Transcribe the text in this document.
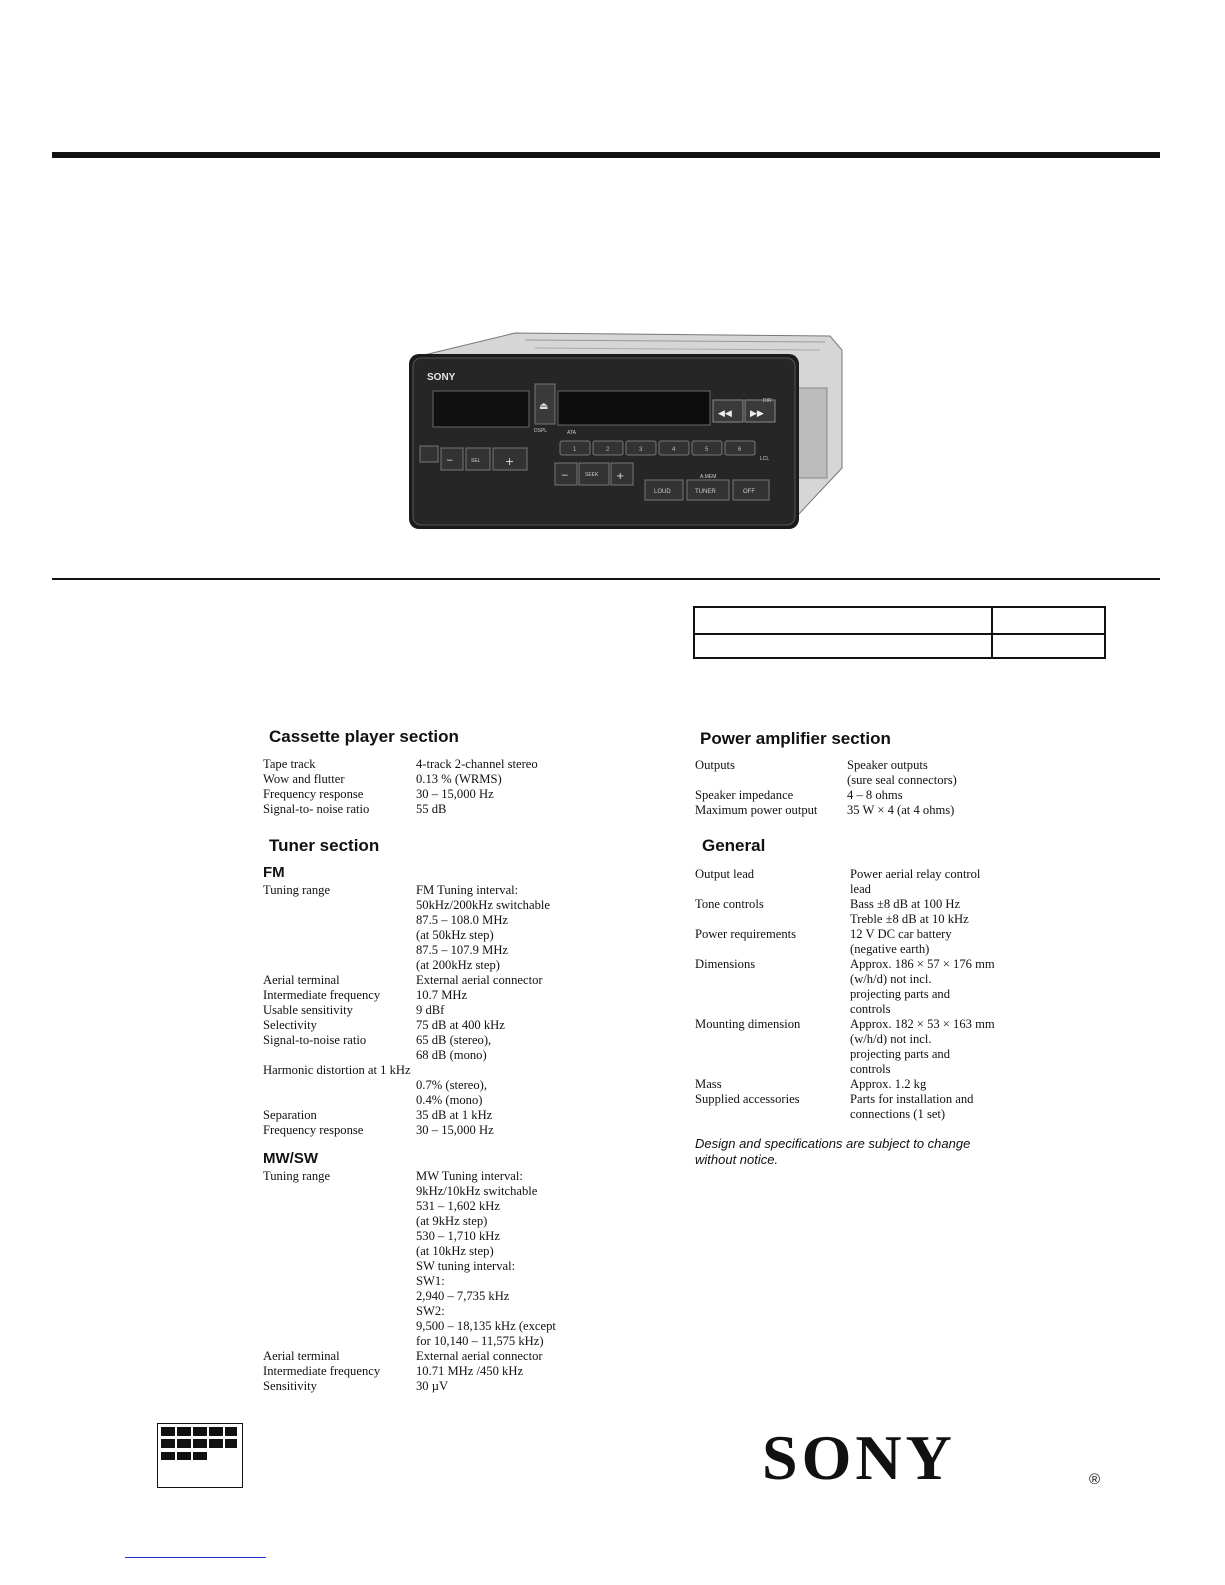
SONY
⏏
◀◀ ▶▶
DIR
DSPL	ATA
1	2	3	4	5	6
LCL
−	SEL +
−	SEEK +	A.MEM
LOUD	TUNER	OFF
Cassette player section
Tape track	4-track 2-channel stereo
Wow and flutter	0.13 % (WRMS)
Frequency response	30 – 15,000 Hz
Signal-to- noise ratio	55 dB
Tuner section
FM
Tuning range	FM Tuning interval:
50kHz/200kHz switchable
87.5 – 108.0 MHz
(at 50kHz step)
87.5 – 107.9 MHz
(at 200kHz step)
Aerial terminal	External aerial connector
Intermediate frequency	10.7 MHz
Usable sensitivity	9 dBf
Selectivity	75 dB at 400 kHz
Signal-to-noise ratio	65 dB (stereo),
68 dB (mono)
Harmonic distortion at 1 kHz

0.7% (stereo),
0.4% (mono)
Separation	35 dB at 1 kHz
Frequency response	30 – 15,000 Hz
MW/SW
Tuning range	MW Tuning interval:
9kHz/10kHz switchable
531 – 1,602 kHz
(at 9kHz step)
530 – 1,710 kHz
(at 10kHz step)
SW tuning interval:
SW1:
2,940 – 7,735 kHz
SW2:
9,500 – 18,135 kHz (except
for 10,140 – 11,575 kHz)
Aerial terminal	External aerial connector
Intermediate frequency	10.71 MHz /450 kHz
Sensitivity	30 µV
Power amplifier section
Outputs	Speaker outputs
(sure seal connectors)
Speaker impedance	4 – 8 ohms
Maximum power output 35 W × 4 (at 4 ohms)
General
Output lead	Power aerial relay control
lead
Tone controls	Bass ±8 dB at 100 Hz
Treble ±8 dB at 10 kHz
Power requirements	12 V DC car battery
(negative earth)
Dimensions	Approx. 186 × 57 × 176 mm
(w/h/d) not incl.
projecting parts and
controls
Mounting dimension	Approx. 182 × 53 × 163 mm
(w/h/d) not incl.
projecting parts and
controls
Mass	Approx. 1.2 kg
Supplied accessories	Parts for installation and
connections (1 set)
Design and specifications are subject to change
without notice.
SONY	®
